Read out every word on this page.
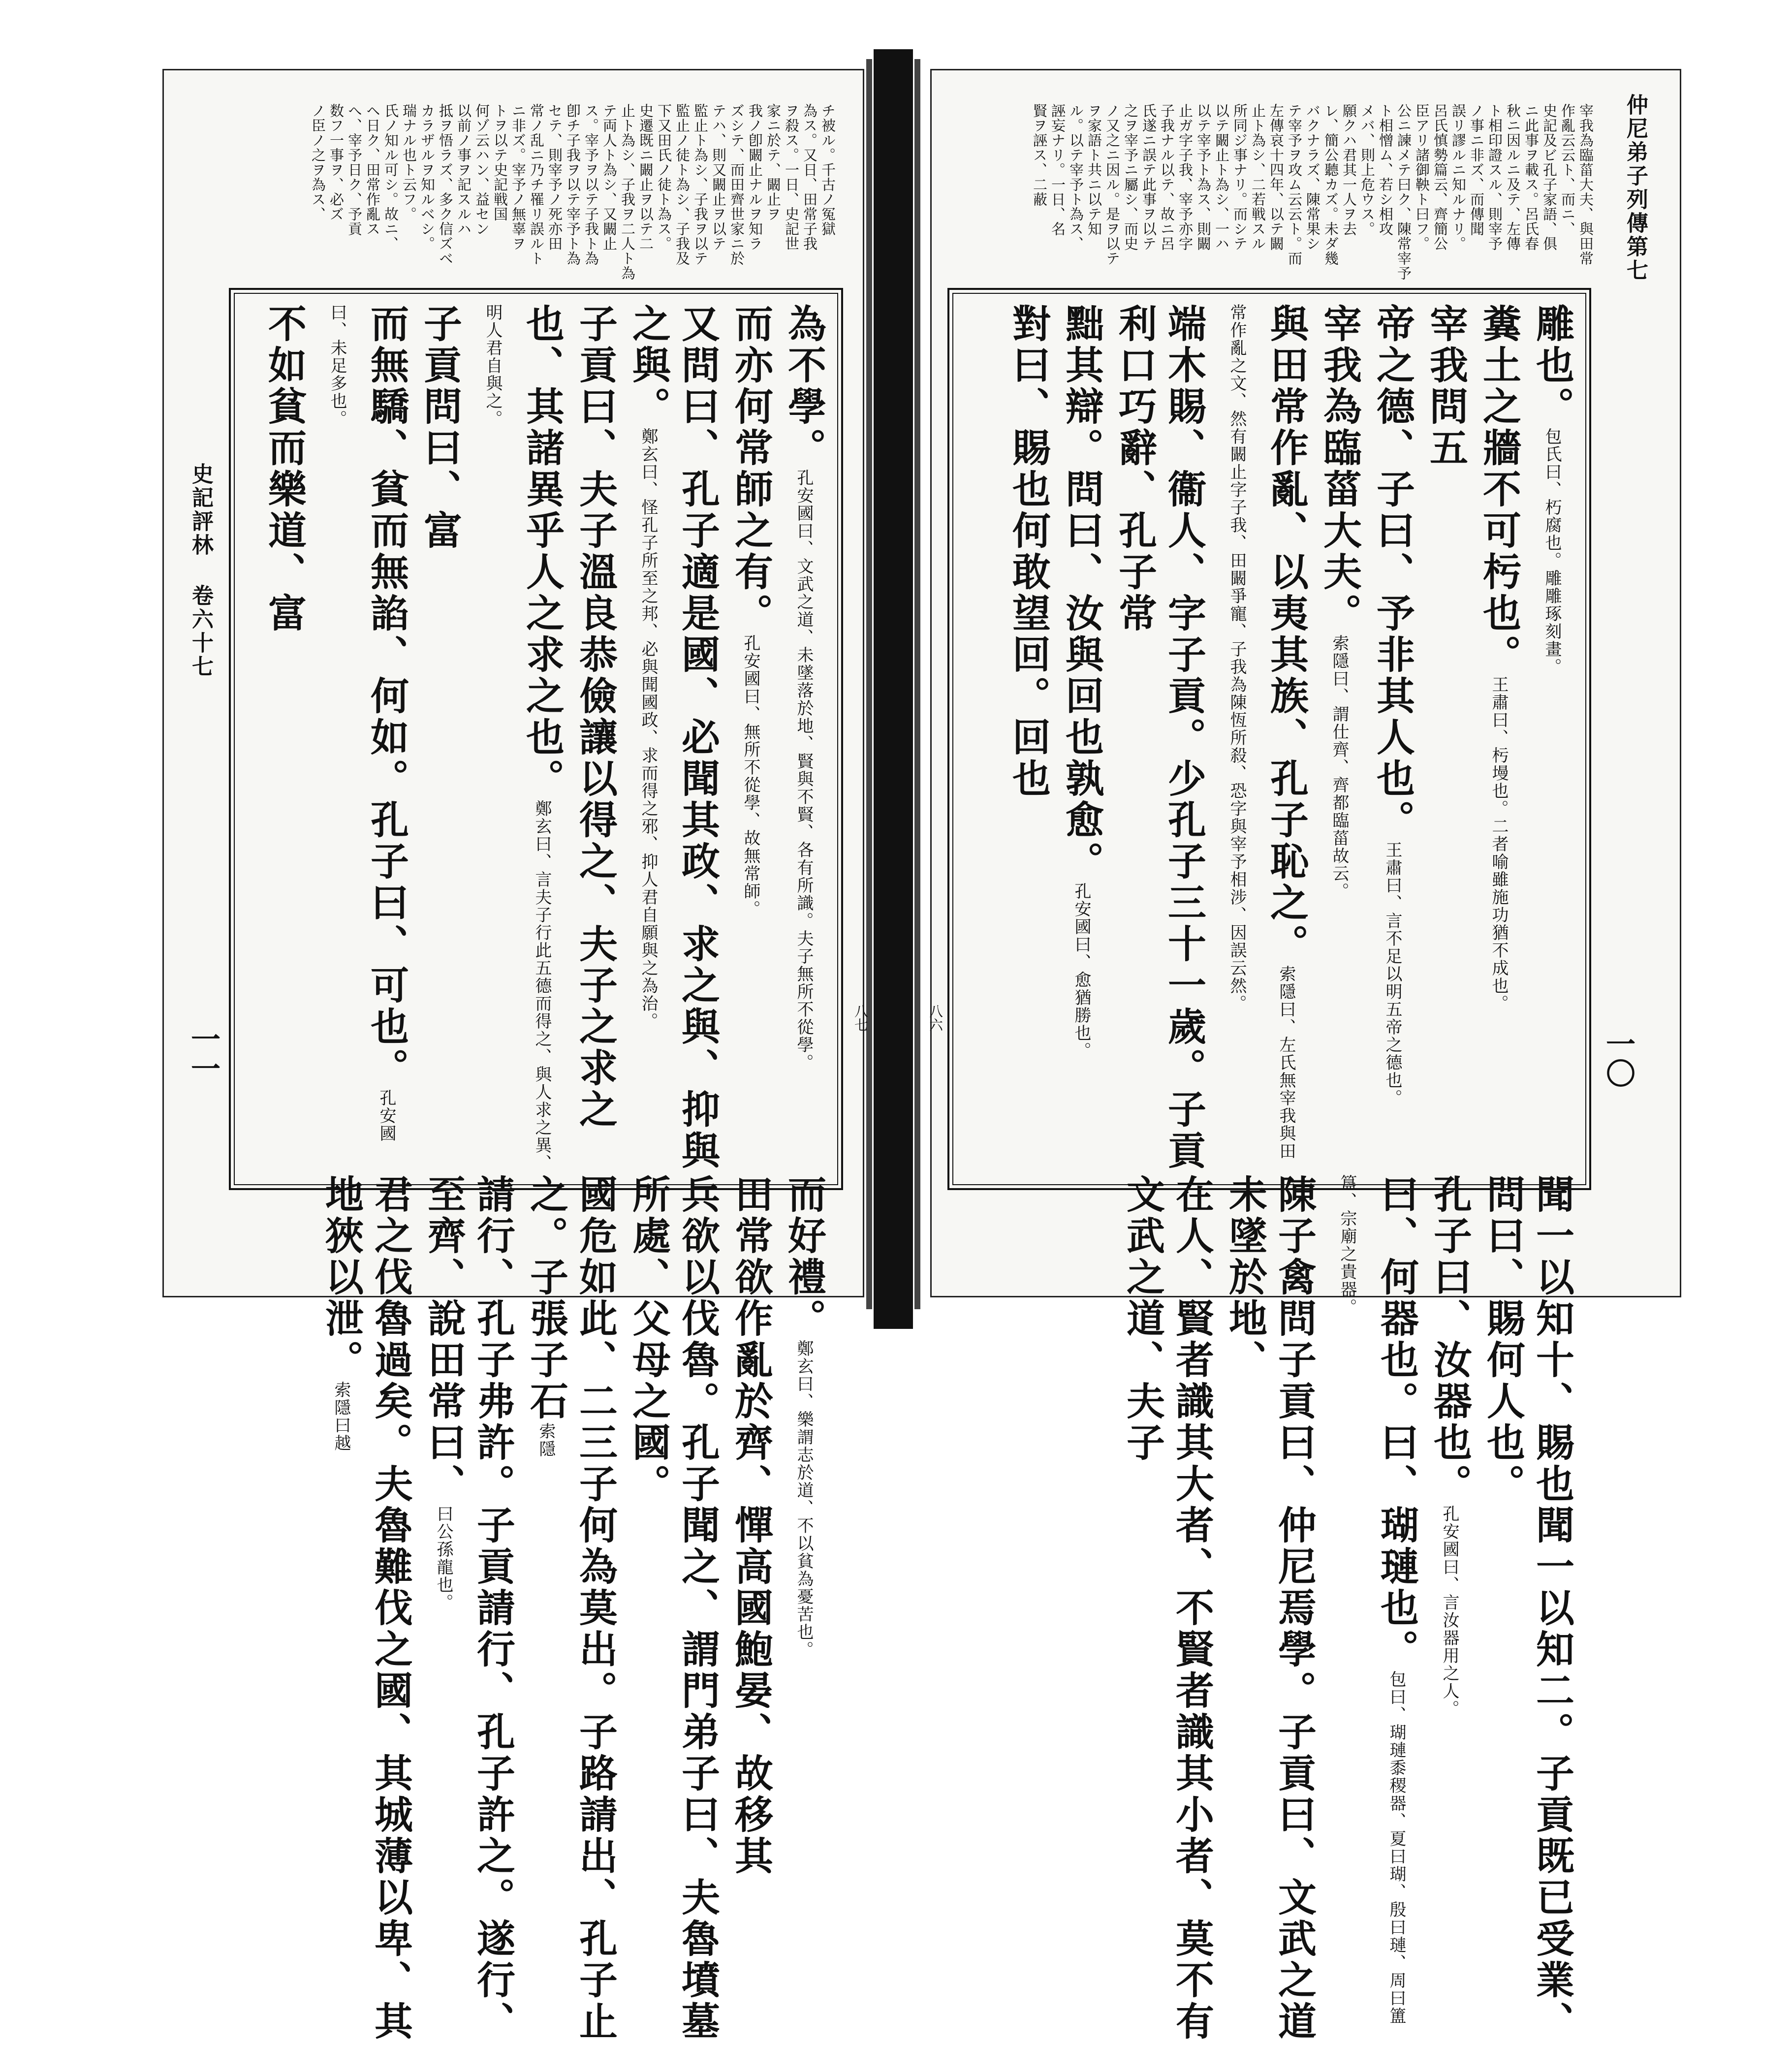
史記評林 卷六十七
一一
八七
チ被ル。千古ノ冤獄
為ス。又日、田常子我
ヲ殺ス。一日、史記世
家ニ於テ、闞止ヲ
我ノ卽闞止ナルヲ知ラ
ズシテ、而田齊世家ニ於
テハ、則又闞止ヲ以テ
監止ト為シ、子我ヲ以テ
監止ノ徒ト為シ、子我及
下又田氏ノ徒ト為ス。
史遷既ニ闞止ヲ以テ二
止ト為シ、子我ヲ二人ト為
テ両人ト為シ、又闞止
ス。宰予ヲ以テ子我ト為
卽チ子我ヲ以テ宰予ト為
セテ、則宰予ノ死亦田
常ノ乱ニ乃チ罹リ誤ルト
ニ非ズ。宰予ノ無辜ヲ
トヲ以テ史記戦国
何ゾ云ハン、益セン
以前ノ事ヲ記スルハ
抵ヲ悟ラズ、多ク信ズベ
カラザルヲ知ルベシ。
瑞ナル也ト云フ。
氏ノ知ル可シ。故ニ、
ヘ日ク、田常作亂ス
へ、宰予日ク、予貢
数フ一事ヲ、必ズ
ノ臣ノ之ヲ為ス、
為不學。孔安國曰、文武之道、未墜落於地、賢與不賢、各有所識。夫子無所不從學。
而亦何常師之有。孔安國曰、無所不從學、故無常師。
又問曰、孔子適是國、必聞其政、求之與、抑與之與。鄭玄曰、怪孔子所至之邦、必與聞國政、求而得之邪、抑人君自願與之為治。
子貢曰、夫子溫良恭儉讓以得之、夫子之求之
也、其諸異乎人之求之也。鄭玄曰、言夫子行此五德而得之、與人求之異、明人君自與之。
子貢問曰、富
而無驕、貧而無諂、何如。孔子曰、可也。孔安國曰、未足多也。
不如貧而樂道、富
而好禮。鄭玄曰、樂謂志於道、不以貧為憂苦也。
田常欲作亂於齊、憚高國鮑晏、故移其
兵欲以伐魯。孔子聞之、謂門弟子曰、夫魯墳墓所處、父母之國。
國危如此、二三子何為莫出。子路請出、孔子止之。子張子石索隱
請行、孔子弗許。子貢請行、孔子許之。遂行、至齊、說田常曰、曰公孫龍也。
君之伐魯過矣。夫魯難伐之國、其城薄以卑、其地狹以泄。索隱曰越
仲尼弟子列傳第七
一〇
八六
宰我為臨菑大夫、與田常
作亂云云ト、而ニ、
史記及ビ孔子家語、俱
ニ此事ヲ載ス。呂氏春
秋ニ因ルニ及テ、左傳
ト相印證スル、則宰予
ノ事ニ非ズ、而傳聞
誤リ謬ルニ知ルナリ。
呂氏慎勢篇云、齊簡公
臣アリ諸御鞅ト曰フ。
公ニ諫メテ曰ク、陳常宰予
ト相憎ム、若シ相攻
メバ、則上危ウス。
願クハ君其一人ヲ去
レ、簡公聽カズ。未ダ幾
バクナラズ、陳常果シ
テ宰予ヲ攻ム云云ト。而
左傳哀十四年、以テ闞
止ト為シ、二若戦スル
所同ジ事ナリ。而シテ
以テ闞止ト為シ、一ハ
以テ宰予ト為ス、則闞
止ガ字子我、宰予亦字
子我ナル以テ、故ニ呂
氏遂ニ誤テ此事ヲ以テ
之ヲ宰予ニ屬シ、而史
ノ又之ニ因ル。是ヲ以テ
ヲ家語ト共ニ以テ知
ル。以テ宰予ト為ス、
誣妄ナリ。一日、名
賢ヲ誣ス、二蔽
雕也。包氏曰、朽腐也。雕雕琢刻畫。
糞土之牆不可杇也。王肅曰、杇墁也。二者喻雖施功猶不成也。
宰我問五
帝之德、子曰、予非其人也。王肅曰、言不足以明五帝之德也。
宰我為臨菑大夫。索隱曰、謂仕齊、齊都臨菑故云。
與田常作亂、以夷其族、孔子恥之。索隱曰、左氏無宰我與田常作亂之文、然有闞止字子我、田闞爭寵、子我為陳恆所殺、恐字與宰予相涉、因誤云然。
端木賜、衞人、字子貢。少孔子三十一歲。子貢利口巧辭、孔子常
黜其辯。問曰、汝與回也孰愈。孔安國曰、愈猶勝也。
對曰、賜也何敢望回。回也
聞一以知十、賜也聞一以知二。子貢既已受業、問曰、賜何人也。
孔子曰、汝器也。孔安國曰、言汝器用之人。
曰、何器也。曰、瑚璉也。包曰、瑚璉黍稷器、夏曰瑚、殷曰璉、周曰簠簋、宗廟之貴器。
陳子禽問子貢曰、仲尼焉學。子貢曰、文武之道未墜於地、
在人、賢者識其大者、不賢者識其小者、莫不有文武之道、夫子
